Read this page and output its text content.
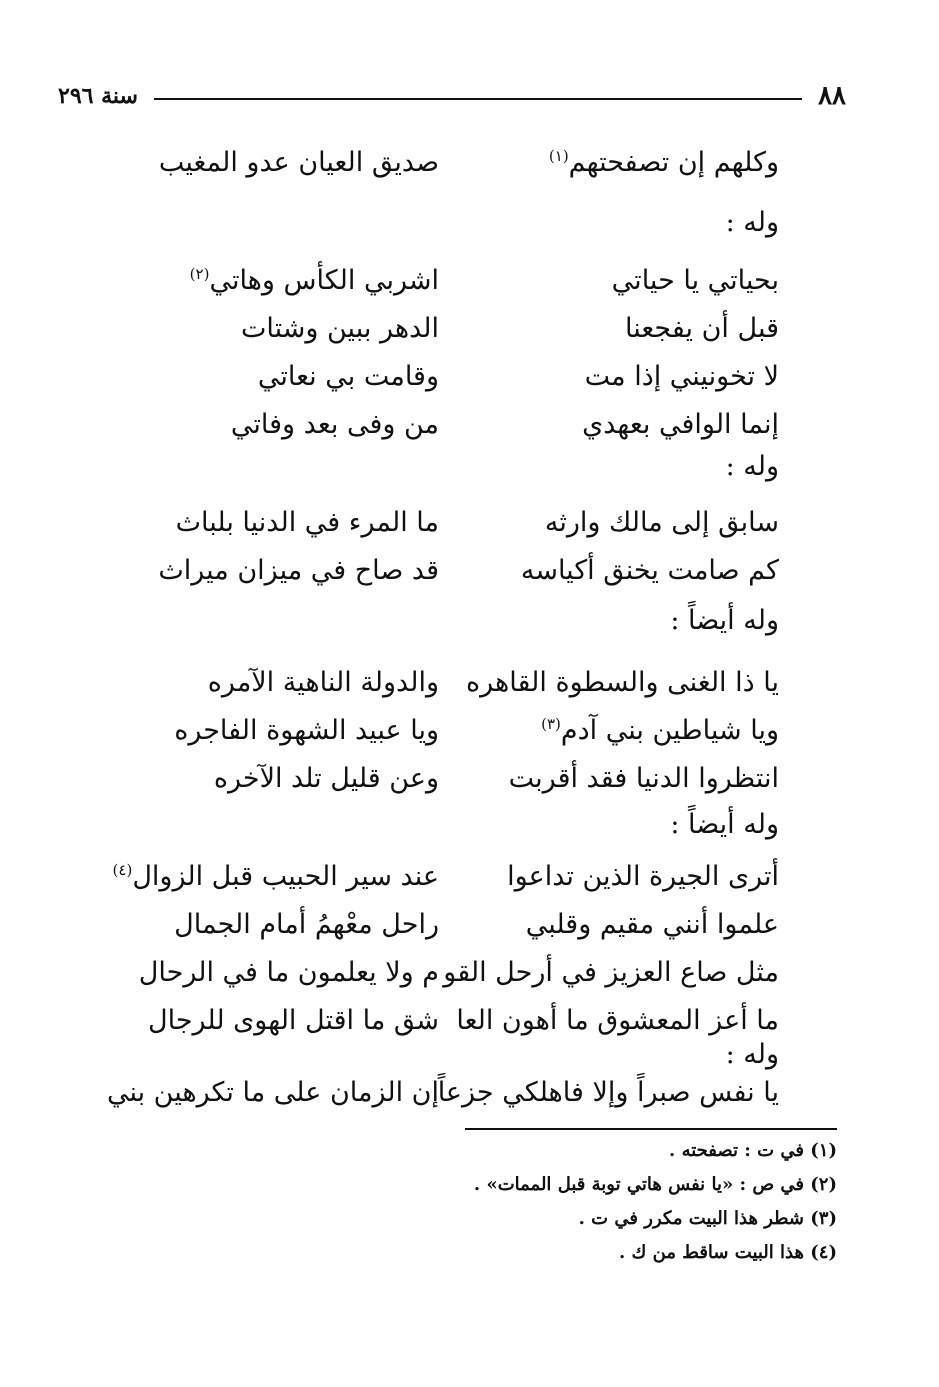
٨٨
سنة ٢٩٦
وكلهم إن تصفحتهم$^{(١)}$
صديق العيان عدو المغيب
وله :
بحياتي يا حياتي
اشربي الكأس وهاتي$^{(٢)}$
قبل أن يفجعنا
الدهر ببين وشتات
لا تخونيني إذا مت
وقامت بي نعاتي
إنما الوافي بعهدي
من وفى بعد وفاتي
وله :
سابق إلى مالك وارثه
ما المرء في الدنيا بلباث
كم صامت يخنق أكياسه
قد صاح في ميزان ميراث
وله أيضاً :
يا ذا الغنى والسطوة القاهره
والدولة الناهية الآمره
ويا شياطين بني آدم$^{(٣)}$
ويا عبيد الشهوة الفاجره
انتظروا الدنيا فقد أقربت
وعن قليل تلد الآخره
وله أيضاً :
أترى الجيرة الذين تداعوا
عند سير الحبيب قبل الزوال$^{(٤)}$
علموا أنني مقيم وقلبي
راحل معْهمُ أمام الجمال
مثل صاع العزيز في أرحل القو
م ولا يعلمون ما في الرحال
ما أعز المعشوق ما أهون العا
شق ما اقتل الهوى للرجال
وله :
يا نفس صبراً وإلا فاهلكي جزعاً
إن الزمان على ما تكرهين بني
(١) في ت : تصفحته .
(٢) في ص : «يا نفس هاتي توبة قبل الممات» .
(٣) شطر هذا البيت مكرر في ت .
(٤) هذا البيت ساقط من ك .
